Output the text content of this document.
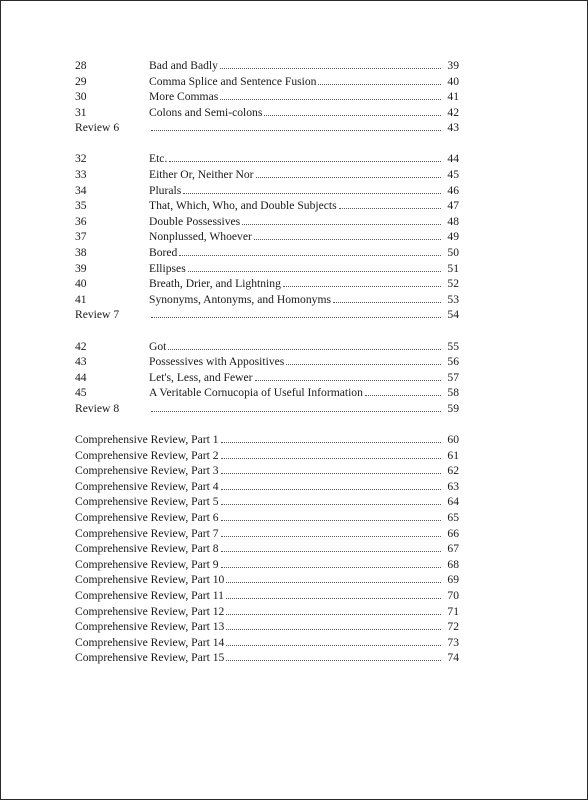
28	Bad and Badly	39
29	Comma Splice and Sentence Fusion	40
30	More Commas	41
31	Colons and Semi-colons	42
Review 6	43
32	Etc.	44
33	Either Or, Neither Nor	45
34	Plurals	46
35	That, Which, Who, and Double Subjects	47
36	Double Possessives	48
37	Nonplussed, Whoever	49
38	Bored	50
39	Ellipses	51
40	Breath, Drier, and Lightning	52
41	Synonyms, Antonyms, and Homonyms	53
Review 7	54
42	Got	55
43	Possessives with Appositives	56
44	Let's, Less, and Fewer	57
45	A Veritable Cornucopia of Useful Information	58
Review 8	59
Comprehensive Review, Part 1	60
Comprehensive Review, Part 2	61
Comprehensive Review, Part 3	62
Comprehensive Review, Part 4	63
Comprehensive Review, Part 5	64
Comprehensive Review, Part 6	65
Comprehensive Review, Part 7	66
Comprehensive Review, Part 8	67
Comprehensive Review, Part 9	68
Comprehensive Review, Part 10	69
Comprehensive Review, Part 11	70
Comprehensive Review, Part 12	71
Comprehensive Review, Part 13	72
Comprehensive Review, Part 14	73
Comprehensive Review, Part 15	74
